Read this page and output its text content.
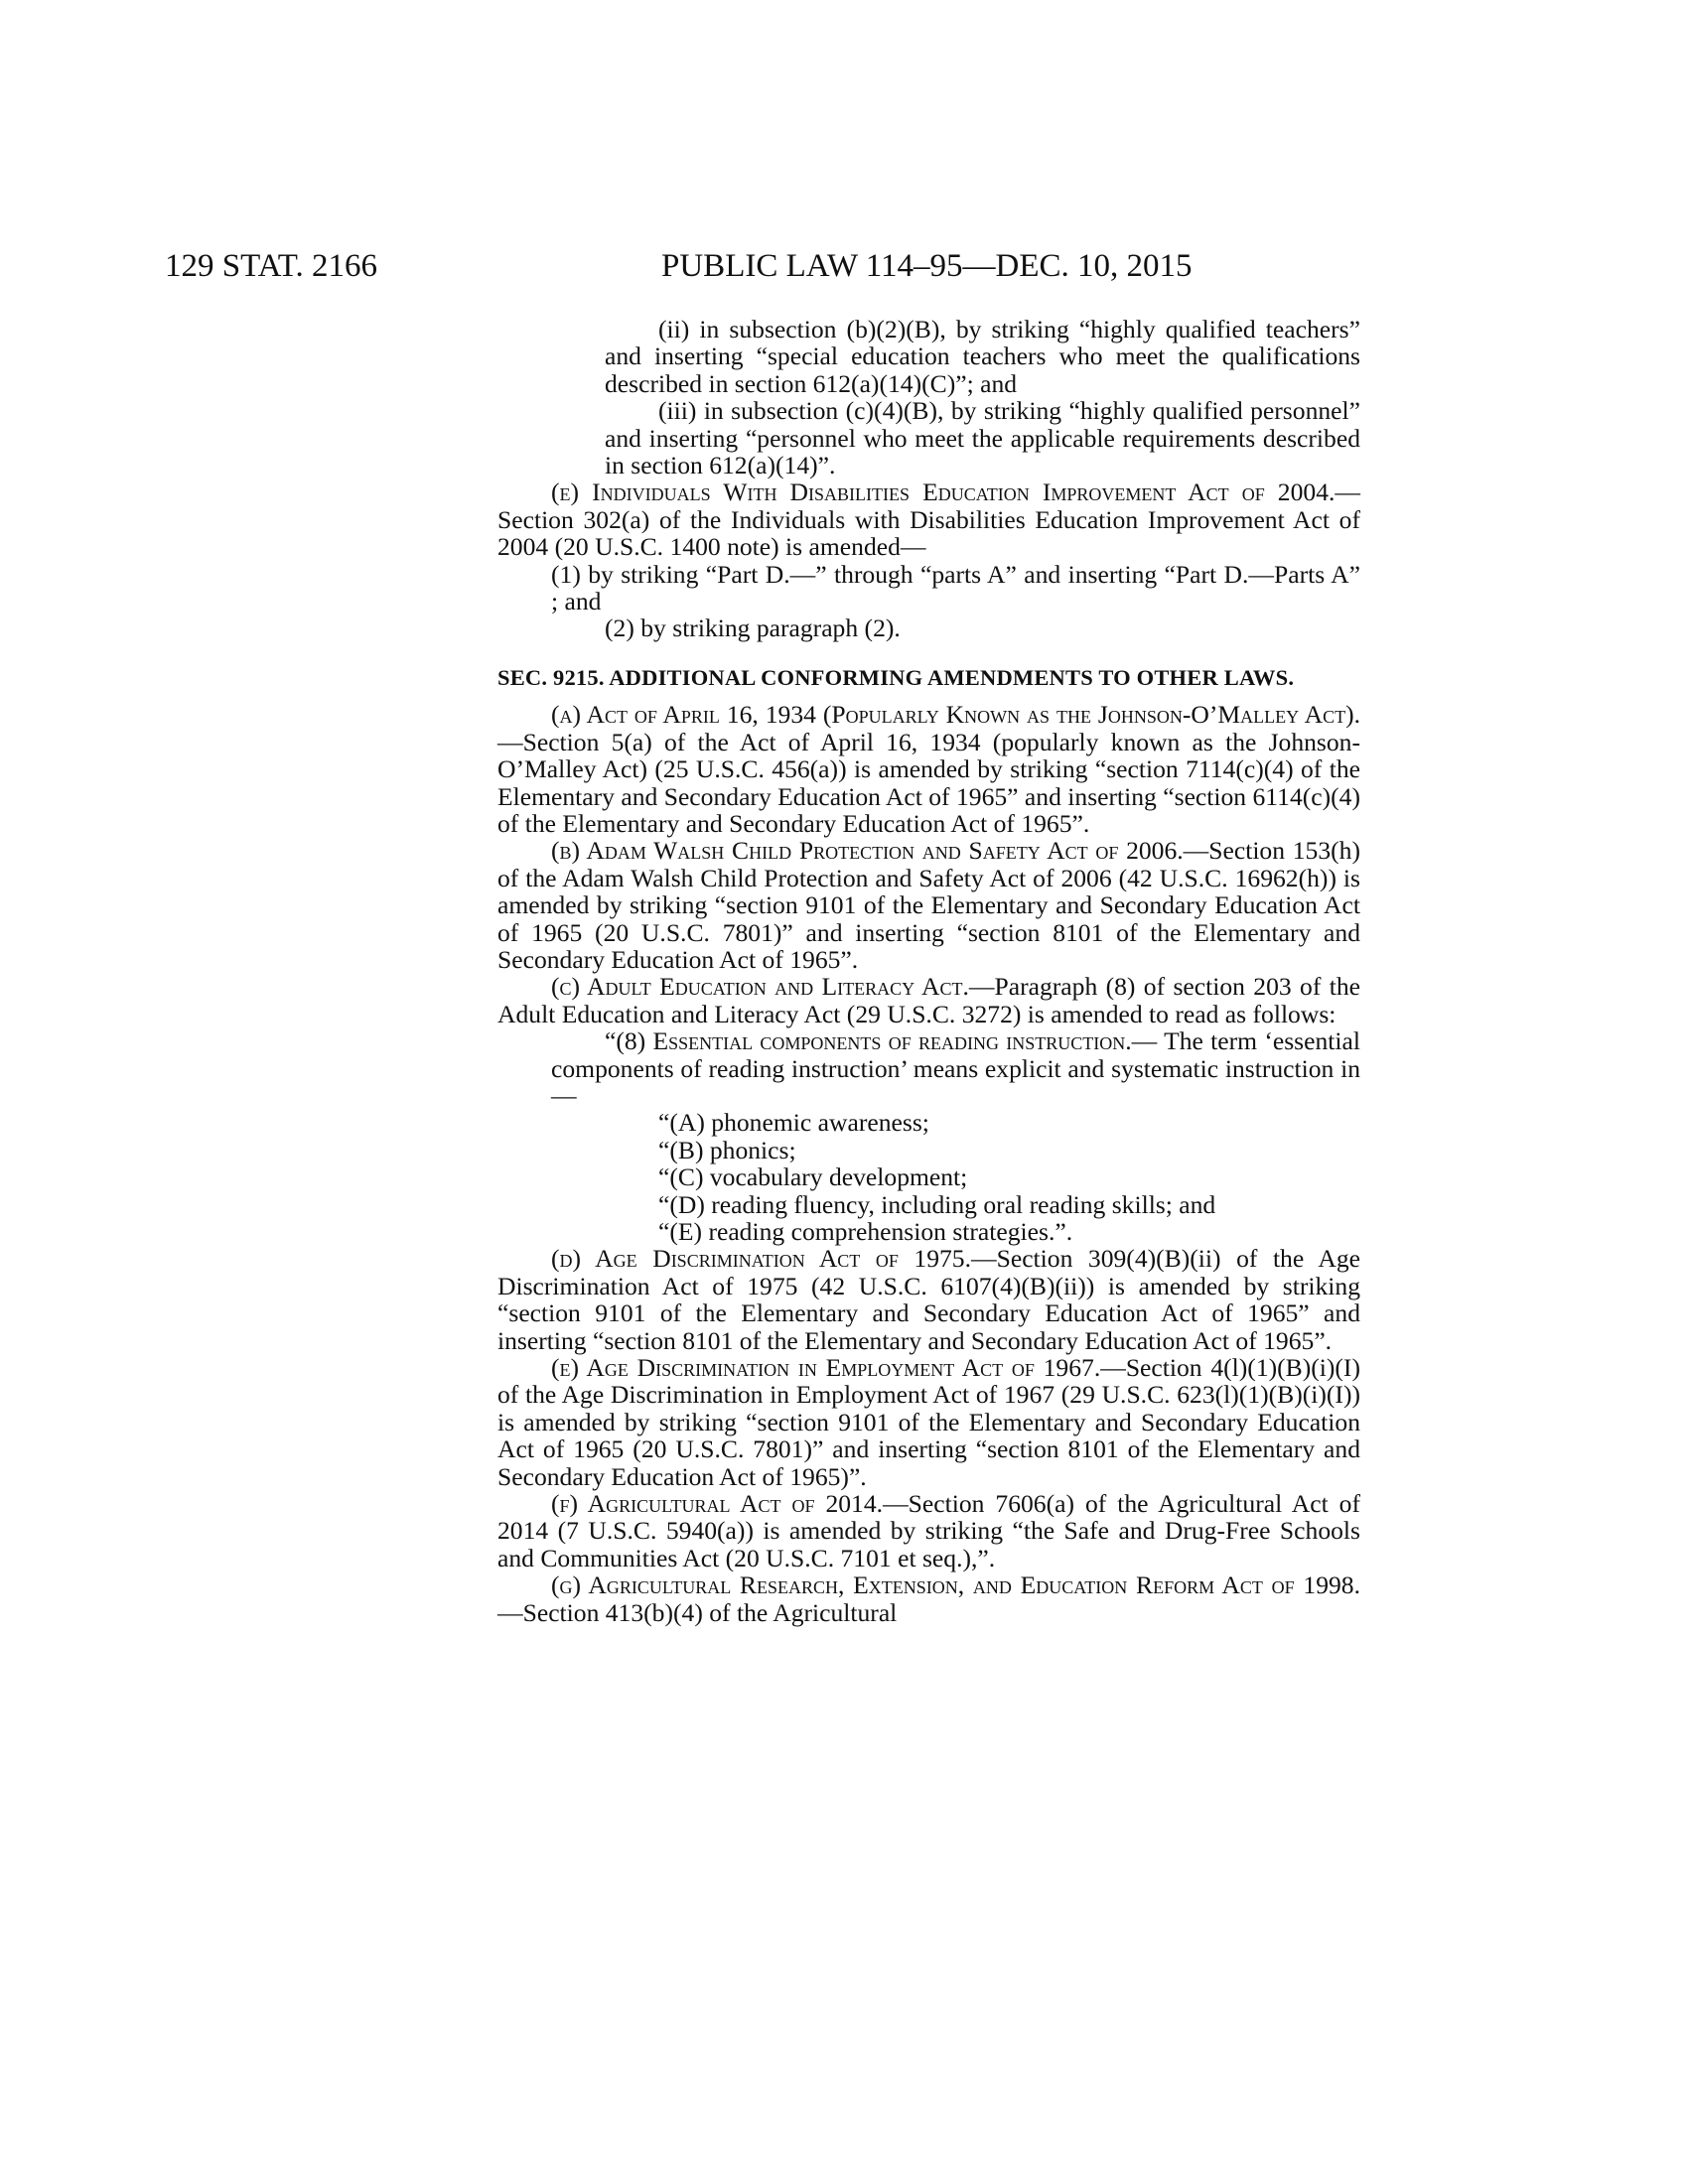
129 STAT. 2166	PUBLIC LAW 114–95—DEC. 10, 2015

(ii) in subsection (b)(2)(B), by striking “highly qualified teachers” and inserting “special education teachers who meet the qualifications described in section 612(a)(14)(C)”; and

(iii) in subsection (c)(4)(B), by striking “highly qualified personnel” and inserting “personnel who meet the applicable requirements described in section 612(a)(14)”.

(e) Individuals With Disabilities Education Improvement Act of 2004.—Section 302(a) of the Individuals with Disabilities Education Improvement Act of 2004 (20 U.S.C. 1400 note) is amended—

(1) by striking “Part D.—” through “parts A” and inserting “Part D.—Parts A” ; and

(2) by striking paragraph (2).

SEC. 9215. ADDITIONAL CONFORMING AMENDMENTS TO OTHER LAWS.

(a) Act of April 16, 1934 (Popularly Known as the Johnson-O’Malley Act).—Section 5(a) of the Act of April 16, 1934 (popularly known as the Johnson-O’Malley Act) (25 U.S.C. 456(a)) is amended by striking “section 7114(c)(4) of the Elementary and Secondary Education Act of 1965” and inserting “section 6114(c)(4) of the Elementary and Secondary Education Act of 1965”.

(b) Adam Walsh Child Protection and Safety Act of 2006.—Section 153(h) of the Adam Walsh Child Protection and Safety Act of 2006 (42 U.S.C. 16962(h)) is amended by striking “section 9101 of the Elementary and Secondary Education Act of 1965 (20 U.S.C. 7801)” and inserting “section 8101 of the Elementary and Secondary Education Act of 1965”.

(c) Adult Education and Literacy Act.—Paragraph (8) of section 203 of the Adult Education and Literacy Act (29 U.S.C. 3272) is amended to read as follows:

“(8) Essential components of reading instruction.— The term ‘essential components of reading instruction’ means explicit and systematic instruction in—

“(A) phonemic awareness;

“(B) phonics;

“(C) vocabulary development;

“(D) reading fluency, including oral reading skills; and

“(E) reading comprehension strategies.”.

(d) Age Discrimination Act of 1975.—Section 309(4)(B)(ii) of the Age Discrimination Act of 1975 (42 U.S.C. 6107(4)(B)(ii)) is amended by striking “section 9101 of the Elementary and Secondary Education Act of 1965” and inserting “section 8101 of the Elementary and Secondary Education Act of 1965”.

(e) Age Discrimination in Employment Act of 1967.—Section 4(l)(1)(B)(i)(I) of the Age Discrimination in Employment Act of 1967 (29 U.S.C. 623(l)(1)(B)(i)(I)) is amended by striking “section 9101 of the Elementary and Secondary Education Act of 1965 (20 U.S.C. 7801)” and inserting “section 8101 of the Elementary and Secondary Education Act of 1965)”.

(f) Agricultural Act of 2014.—Section 7606(a) of the Agricultural Act of 2014 (7 U.S.C. 5940(a)) is amended by striking “the Safe and Drug-Free Schools and Communities Act (20 U.S.C. 7101 et seq.),”.

(g) Agricultural Research, Extension, and Education Reform Act of 1998.—Section 413(b)(4) of the Agricultural
